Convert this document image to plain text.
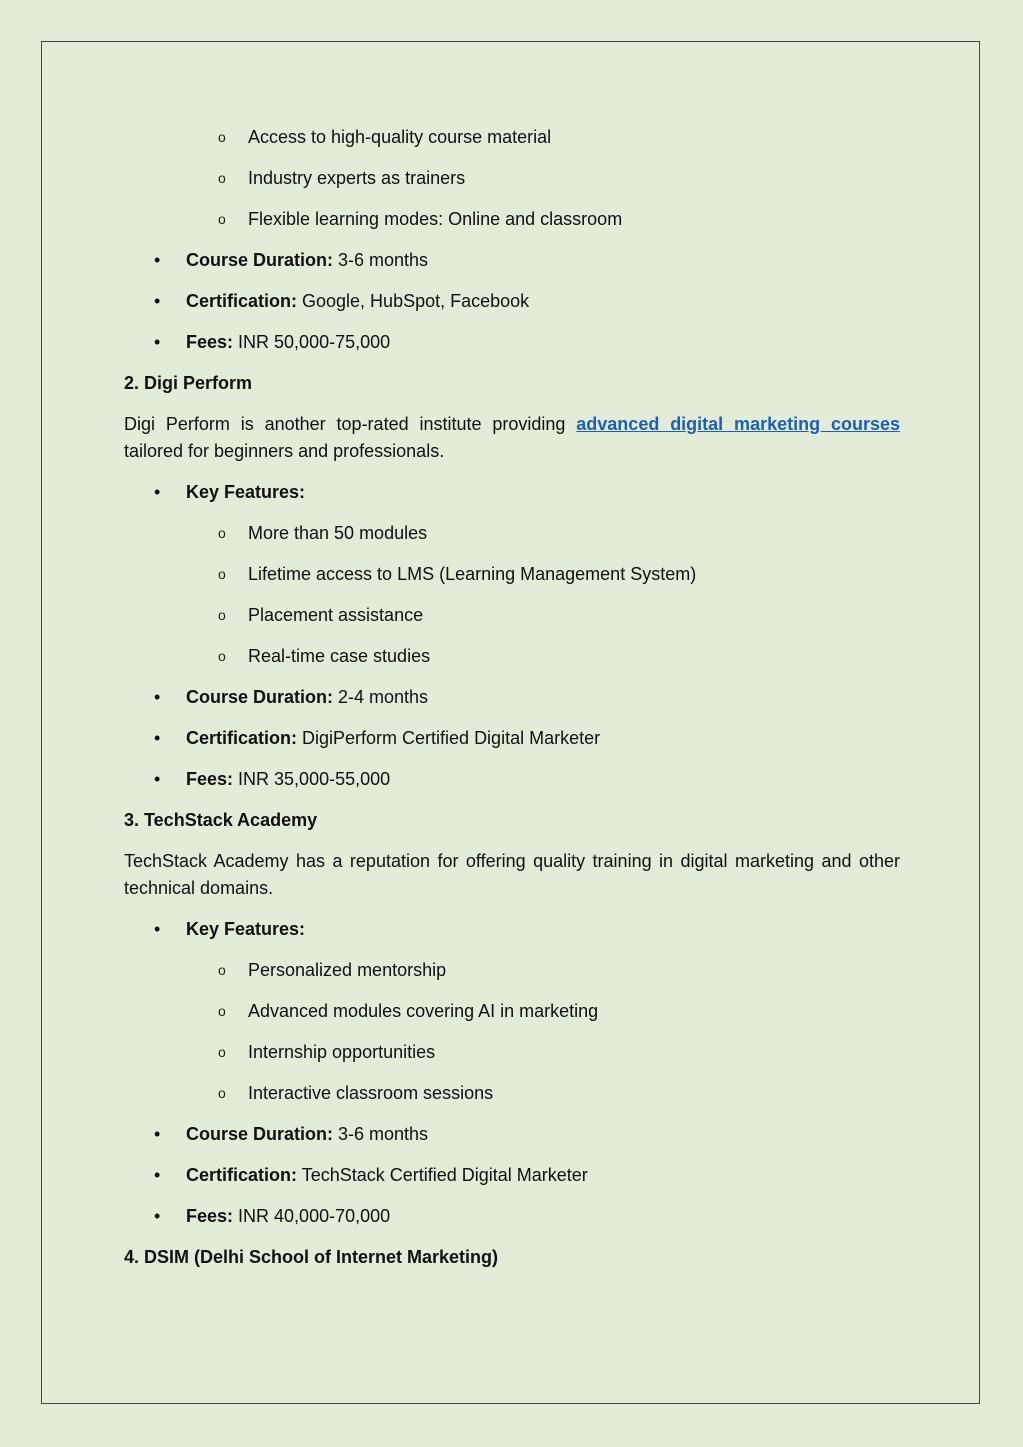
o Access to high-quality course material
o Industry experts as trainers
o Flexible learning modes: Online and classroom
• Course Duration: 3-6 months
• Certification: Google, HubSpot, Facebook
• Fees: INR 50,000-75,000
2. Digi Perform
Digi Perform is another top-rated institute providing advanced digital marketing courses tailored for beginners and professionals.
• Key Features:
o More than 50 modules
o Lifetime access to LMS (Learning Management System)
o Placement assistance
o Real-time case studies
• Course Duration: 2-4 months
• Certification: DigiPerform Certified Digital Marketer
• Fees: INR 35,000-55,000
3. TechStack Academy
TechStack Academy has a reputation for offering quality training in digital marketing and other technical domains.
• Key Features:
o Personalized mentorship
o Advanced modules covering AI in marketing
o Internship opportunities
o Interactive classroom sessions
• Course Duration: 3-6 months
• Certification: TechStack Certified Digital Marketer
• Fees: INR 40,000-70,000
4. DSIM (Delhi School of Internet Marketing)
